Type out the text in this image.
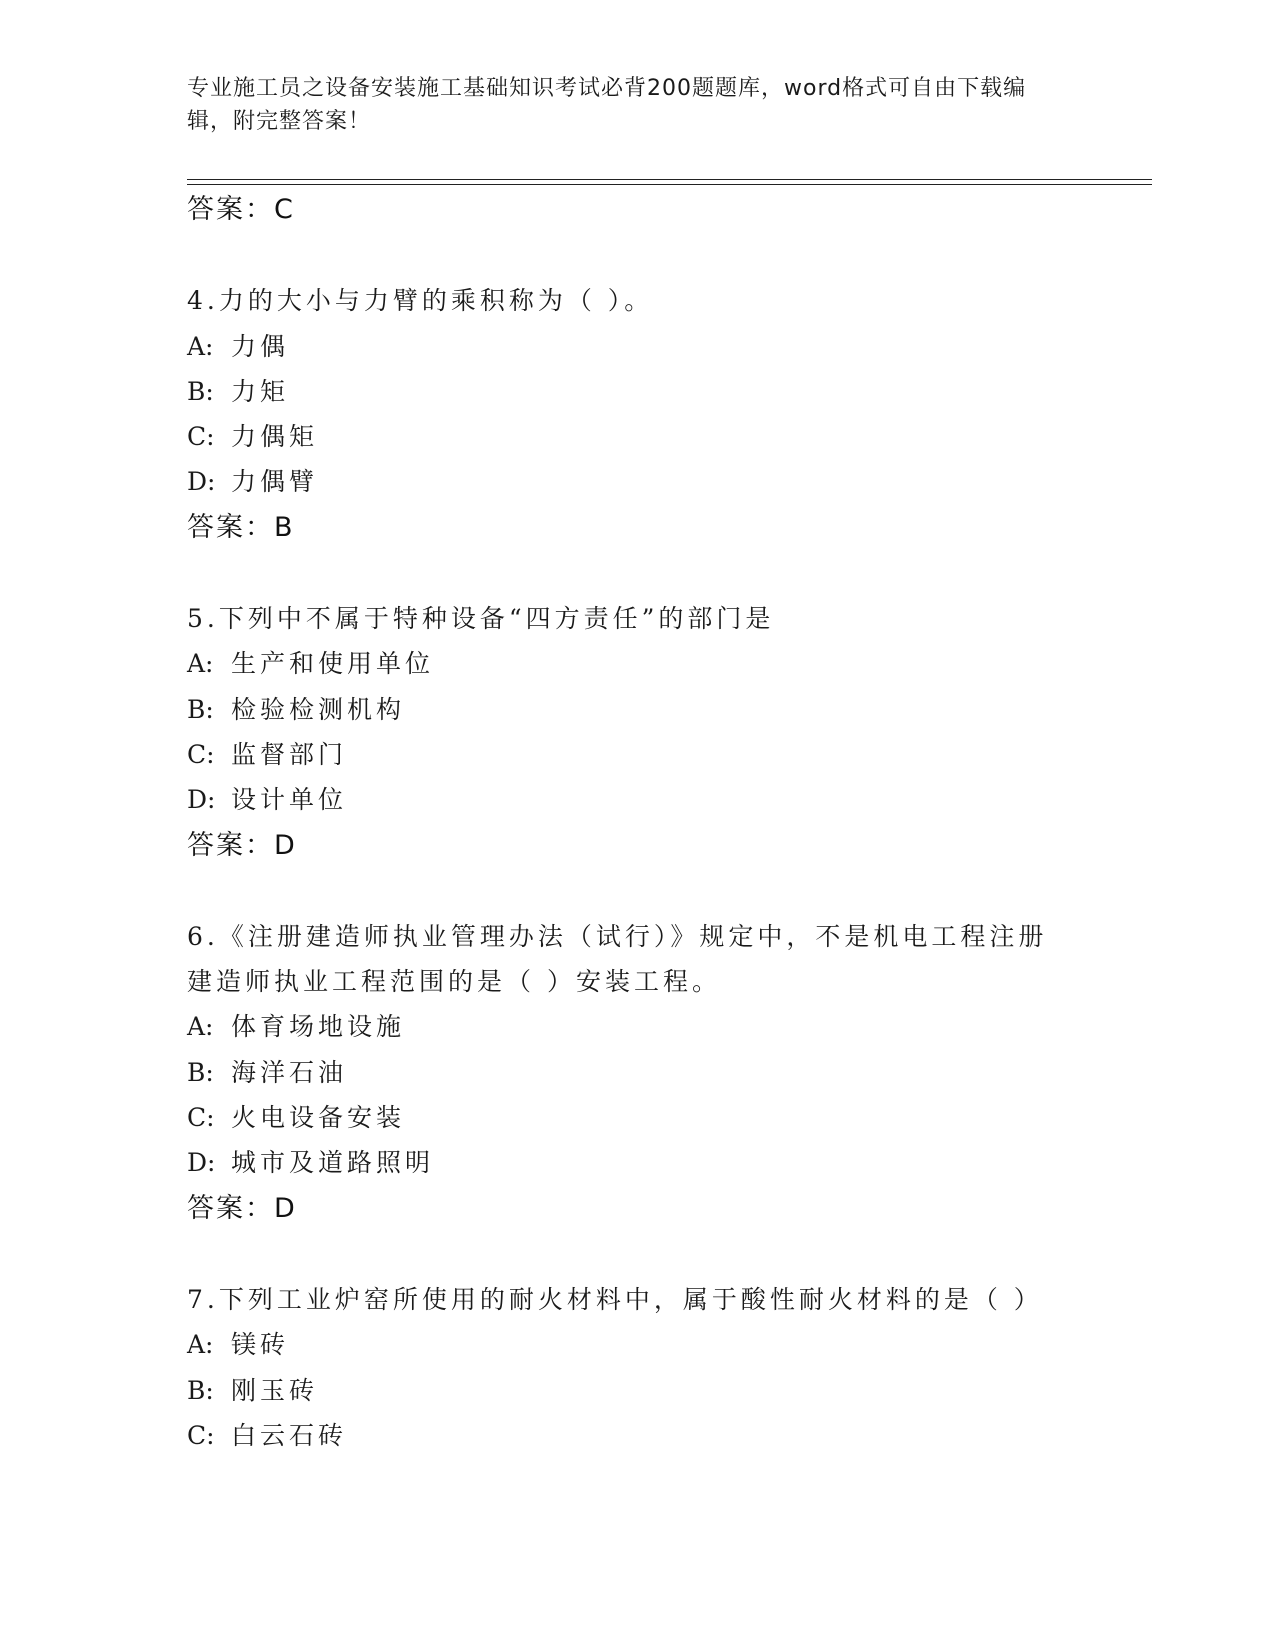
专业施工员之设备安装施工基础知识考试必背200题题库，word格式可自由下载编辑，附完整答案！
答案：C
4.力的大小与力臂的乘积称为（ ）。
A: 力偶
B: 力矩
C: 力偶矩
D: 力偶臂
答案：B
5.下列中不属于特种设备“四方责任”的部门是
A: 生产和使用单位
B: 检验检测机构
C: 监督部门
D: 设计单位
答案：D
6.《注册建造师执业管理办法（试行）》规定中，不是机电工程注册
建造师执业工程范围的是（ ）安装工程。
A: 体育场地设施
B: 海洋石油
C: 火电设备安装
D: 城市及道路照明
答案：D
7.下列工业炉窑所使用的耐火材料中，属于酸性耐火材料的是（ ）
A: 镁砖
B: 刚玉砖
C: 白云石砖
